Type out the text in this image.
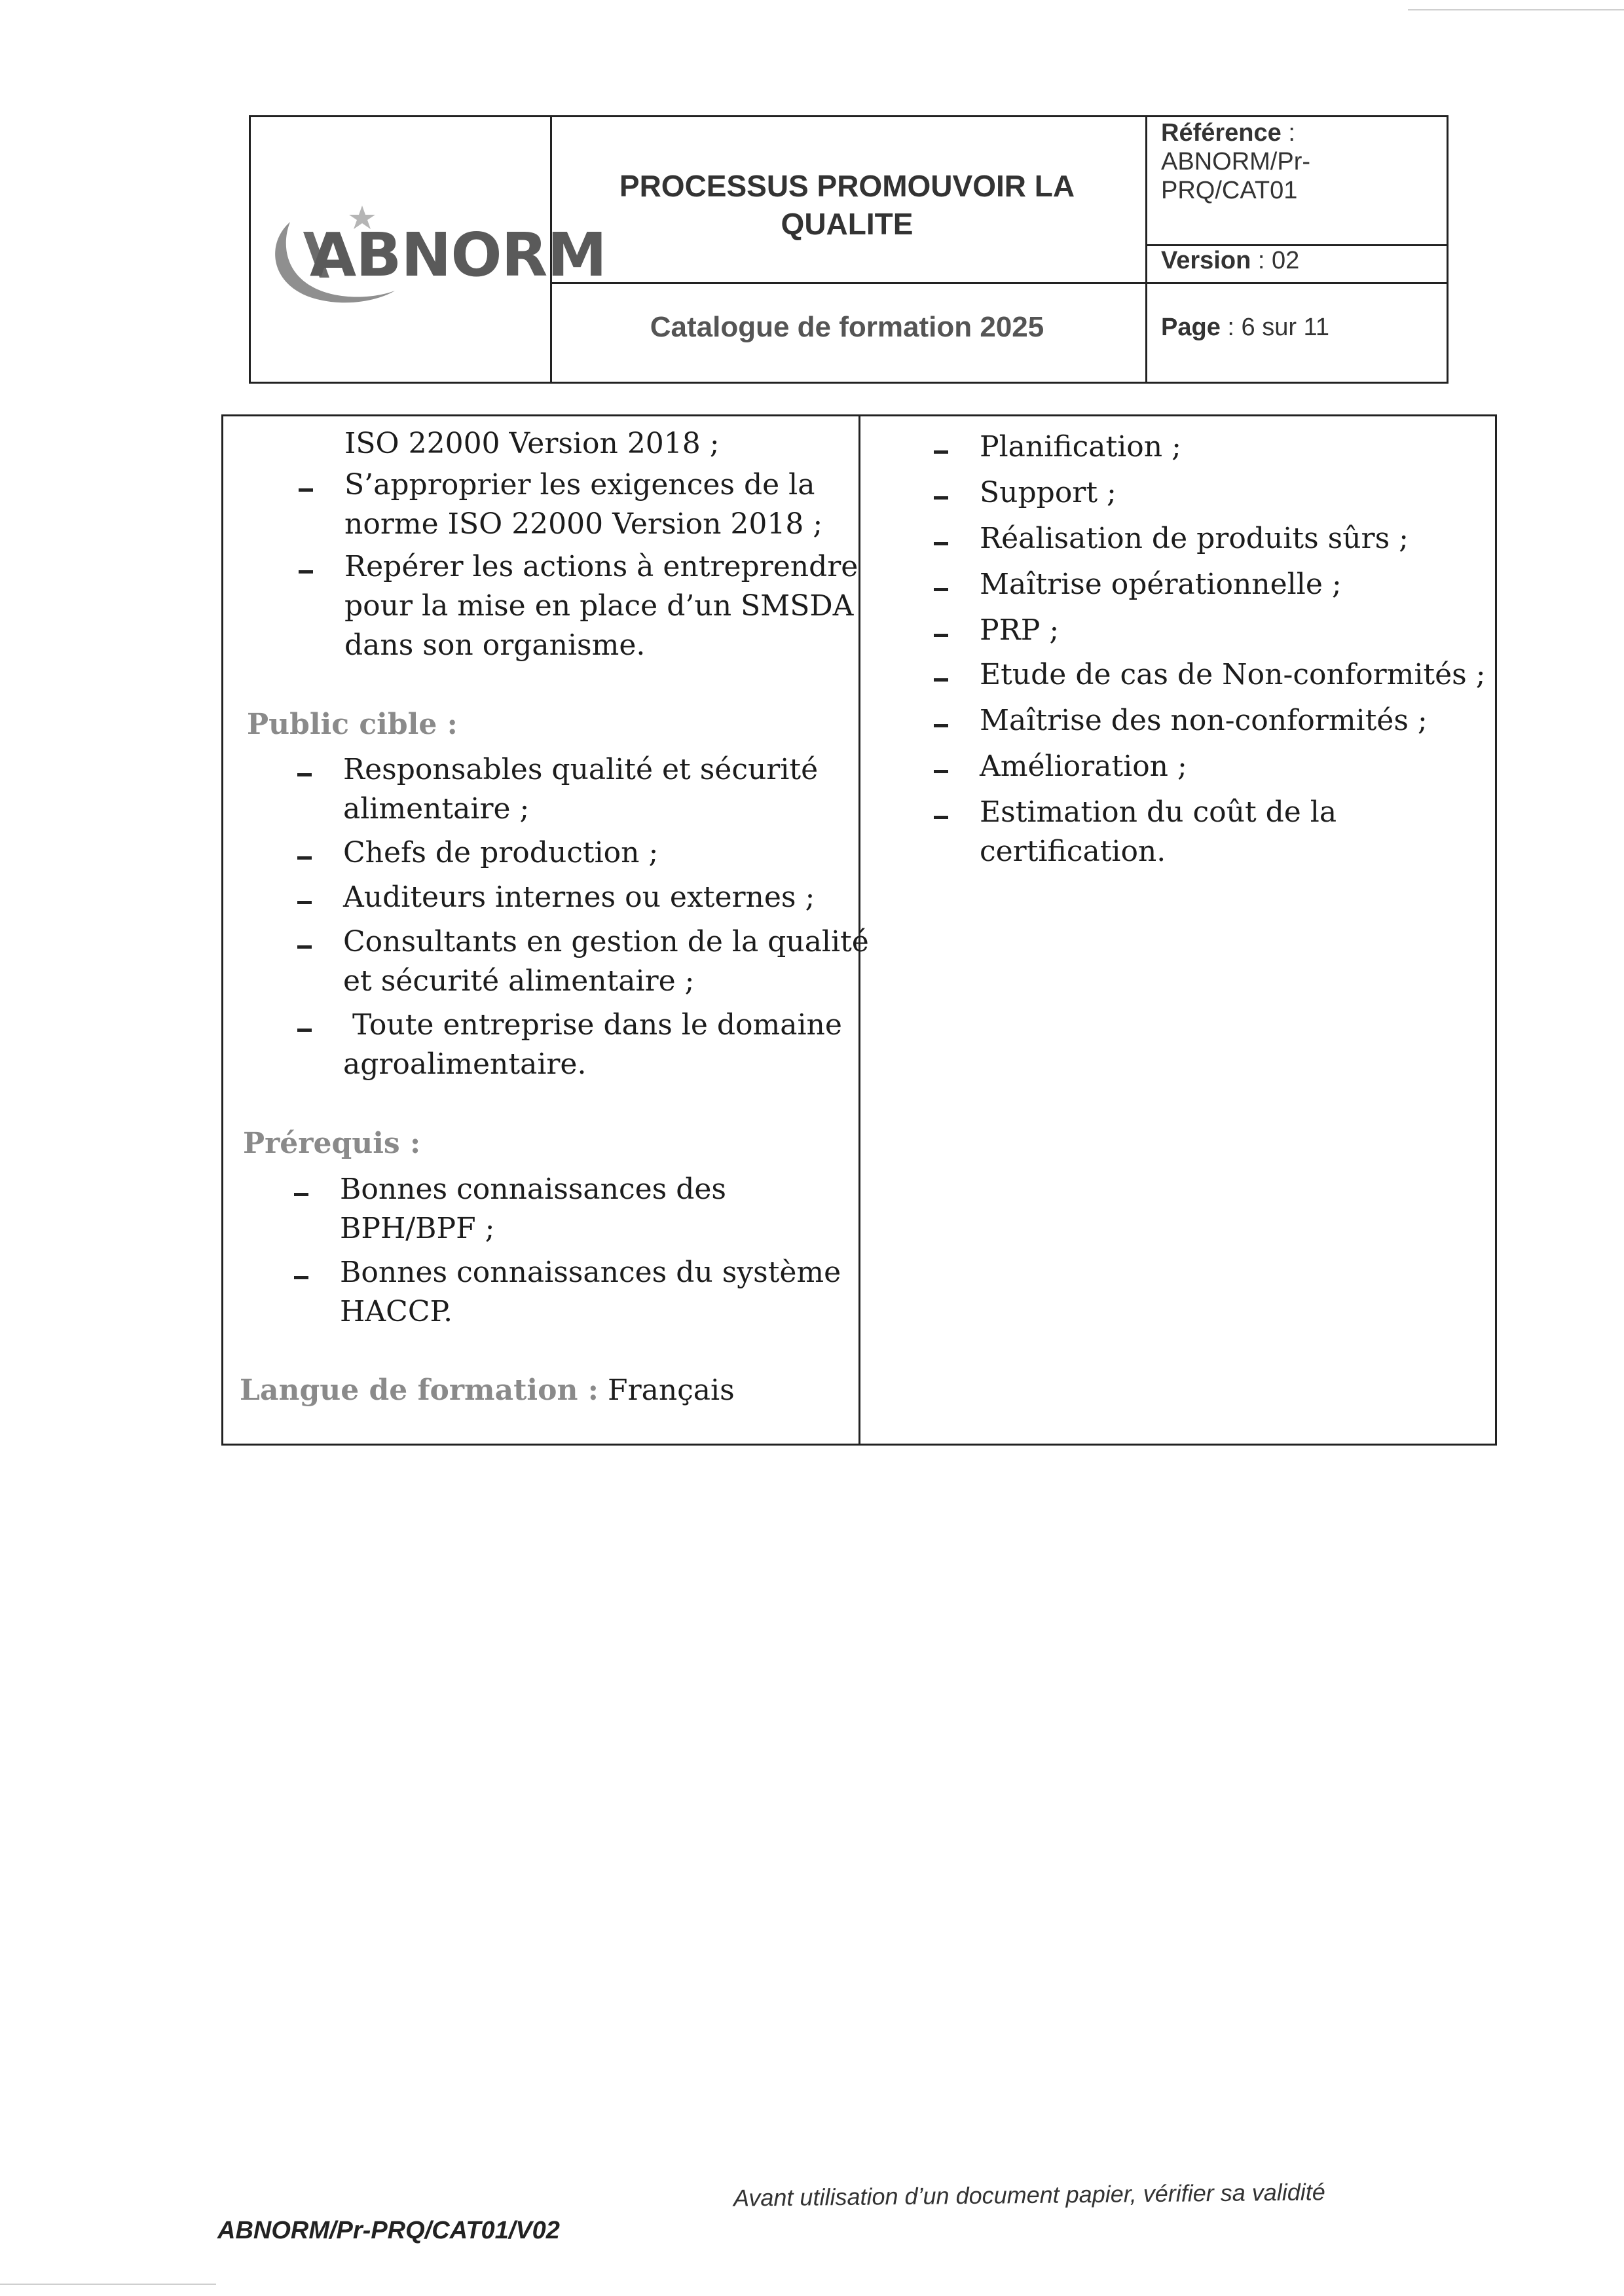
ABNORM
PROCESSUS PROMOUVOIR LA
QUALITE
Catalogue de formation 2025
Référence :
ABNORM/Pr-
PRQ/CAT01
Version : 02
Page : 6 sur 11
ISO 22000 Version 2018 ;
S’approprier les exigences de la
norme ISO 22000 Version 2018 ;
Repérer les actions à entreprendre
pour la mise en place d’un SMSDA
dans son organisme.
Public cible :
Responsables qualité et sécurité
alimentaire ;
Chefs de production ;
Auditeurs internes ou externes ;
Consultants en gestion de la qualité
et sécurité alimentaire ;
Toute entreprise dans le domaine
agroalimentaire.
Prérequis :
Bonnes connaissances des
BPH/BPF ;
Bonnes connaissances du système
HACCP.
Langue de formation : Français
Planification ;
Support ;
Réalisation de produits sûrs ;
Maîtrise opérationnelle ;
PRP ;
Etude de cas de Non-conformités ;
Maîtrise des non-conformités ;
Amélioration ;
Estimation du coût de la
certification.
Avant utilisation d’un document papier, vérifier sa validité
ABNORM/Pr-PRQ/CAT01/V02
